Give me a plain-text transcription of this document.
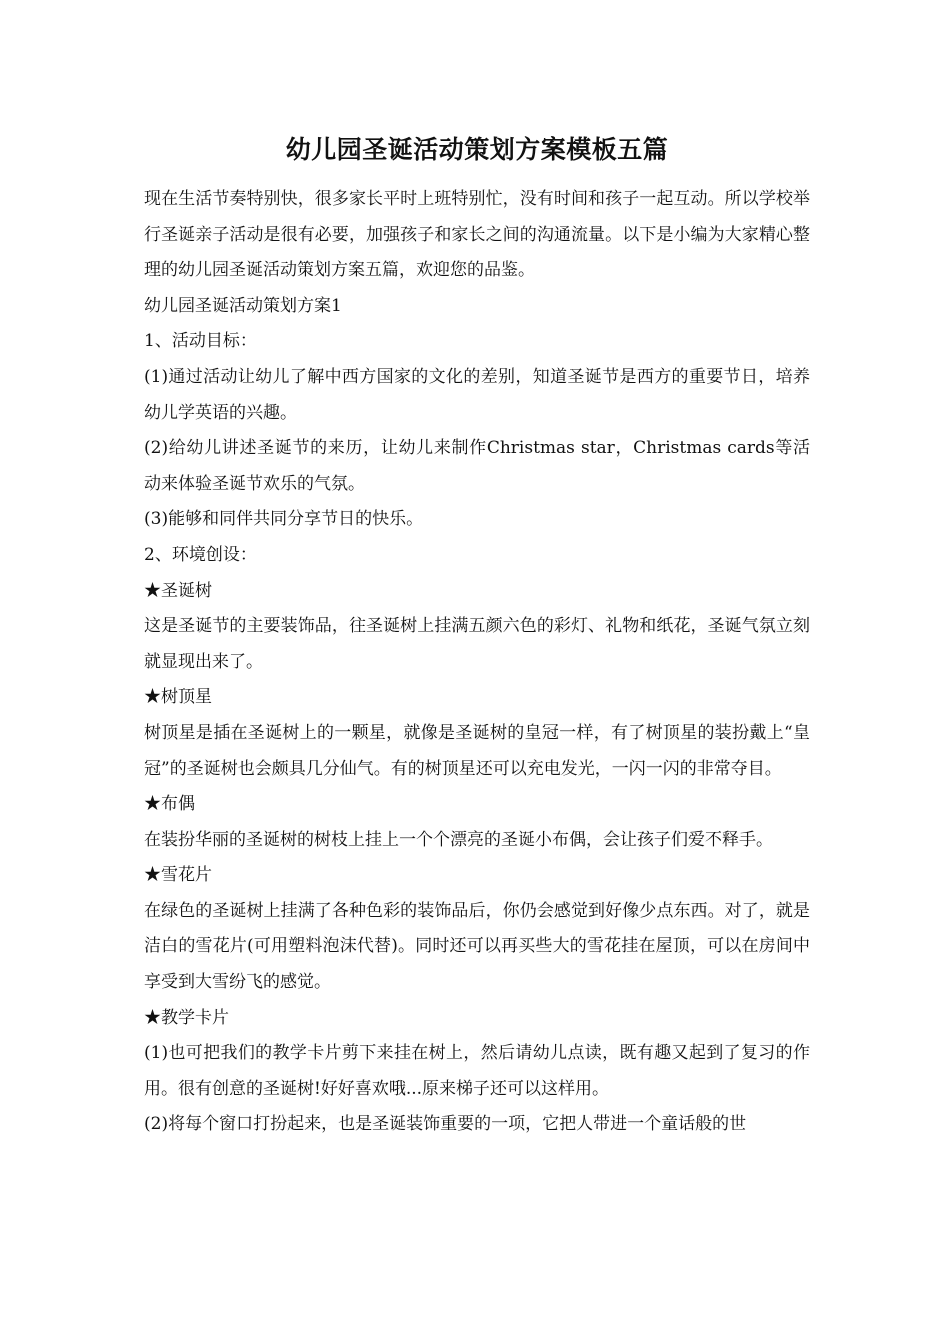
幼儿园圣诞活动策划方案模板五篇

现在生活节奏特别快，很多家长平时上班特别忙，没有时间和孩子一起互动。所以学校举行圣诞亲子活动是很有必要，加强孩子和家长之间的沟通流量。以下是小编为大家精心整理的幼儿园圣诞活动策划方案五篇，欢迎您的品鉴。

幼儿园圣诞活动策划方案1

1、活动目标：

(1)通过活动让幼儿了解中西方国家的文化的差别，知道圣诞节是西方的重要节日，培养幼儿学英语的兴趣。

(2)给幼儿讲述圣诞节的来历，让幼儿来制作Christmas star，Christmas cards等活动来体验圣诞节欢乐的气氛。

(3)能够和同伴共同分享节日的快乐。

2、环境创设：

★圣诞树

这是圣诞节的主要装饰品，往圣诞树上挂满五颜六色的彩灯、礼物和纸花，圣诞气氛立刻就显现出来了。

★树顶星

树顶星是插在圣诞树上的一颗星，就像是圣诞树的皇冠一样，有了树顶星的装扮戴上“皇冠”的圣诞树也会颇具几分仙气。有的树顶星还可以充电发光，一闪一闪的非常夺目。

★布偶

在装扮华丽的圣诞树的树枝上挂上一个个漂亮的圣诞小布偶，会让孩子们爱不释手。

★雪花片

在绿色的圣诞树上挂满了各种色彩的装饰品后，你仍会感觉到好像少点东西。对了，就是洁白的雪花片(可用塑料泡沫代替)。同时还可以再买些大的雪花挂在屋顶，可以在房间中享受到大雪纷飞的感觉。

★教学卡片

(1)也可把我们的教学卡片剪下来挂在树上，然后请幼儿点读，既有趣又起到了复习的作用。很有创意的圣诞树!好好喜欢哦...原来梯子还可以这样用。

(2)将每个窗口打扮起来，也是圣诞装饰重要的一项，它把人带进一个童话般的世
